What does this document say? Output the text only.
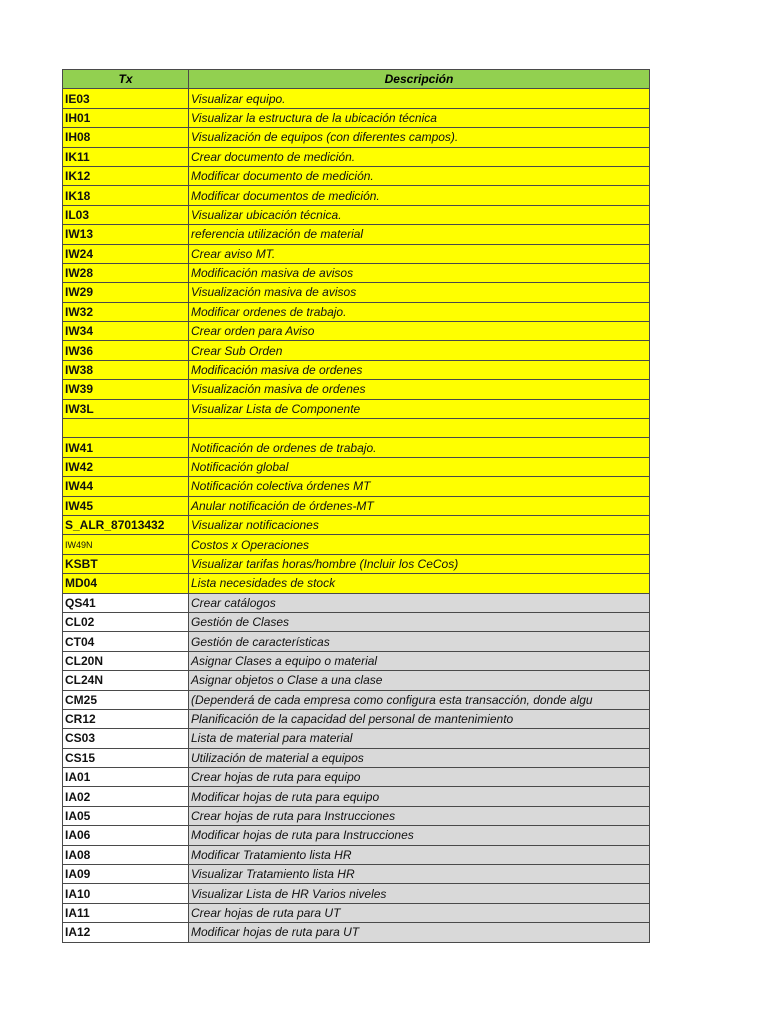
Tx	Descripción
IE03	Visualizar equipo.
IH01	Visualizar la estructura de la ubicación técnica
IH08	Visualización de equipos (con diferentes campos).
IK11	Crear documento de medición.
IK12	Modificar documento de medición.
IK18	Modificar documentos de medición.
IL03	Visualizar ubicación técnica.
IW13	referencia utilización de material
IW24	Crear aviso MT.
IW28	Modificación masiva de avisos
IW29	Visualización masiva de avisos
IW32	Modificar ordenes de trabajo.
IW34	Crear orden para Aviso
IW36	Crear Sub Orden
IW38	Modificación masiva de ordenes
IW39	Visualización masiva de ordenes
IW3L	Visualizar Lista de Componente

IW41	Notificación de ordenes de trabajo.
IW42	Notificación global
IW44	Notificación colectiva órdenes MT
IW45	Anular notificación de órdenes-MT
S_ALR_87013432	Visualizar notificaciones
IW49N	Costos x Operaciones
KSBT	Visualizar tarifas horas/hombre (Incluir los CeCos)
MD04	Lista necesidades de stock
QS41	Crear catálogos
CL02	Gestión de Clases
CT04	Gestión de características
CL20N	Asignar Clases a equipo o material
CL24N	Asignar objetos o Clase a una clase
CM25	(Dependerá de cada empresa como configura esta transacción, donde algu
CR12	Planificación de la capacidad del personal de mantenimiento
CS03	Lista de material para material
CS15	Utilización de material a equipos
IA01	Crear hojas de ruta para equipo
IA02	Modificar hojas de ruta para equipo
IA05	Crear hojas de ruta para Instrucciones
IA06	Modificar hojas de ruta para Instrucciones
IA08	Modificar Tratamiento lista HR
IA09	Visualizar Tratamiento lista HR
IA10	Visualizar Lista de HR Varios niveles
IA11	Crear hojas de ruta para UT
IA12	Modificar hojas de ruta para UT
